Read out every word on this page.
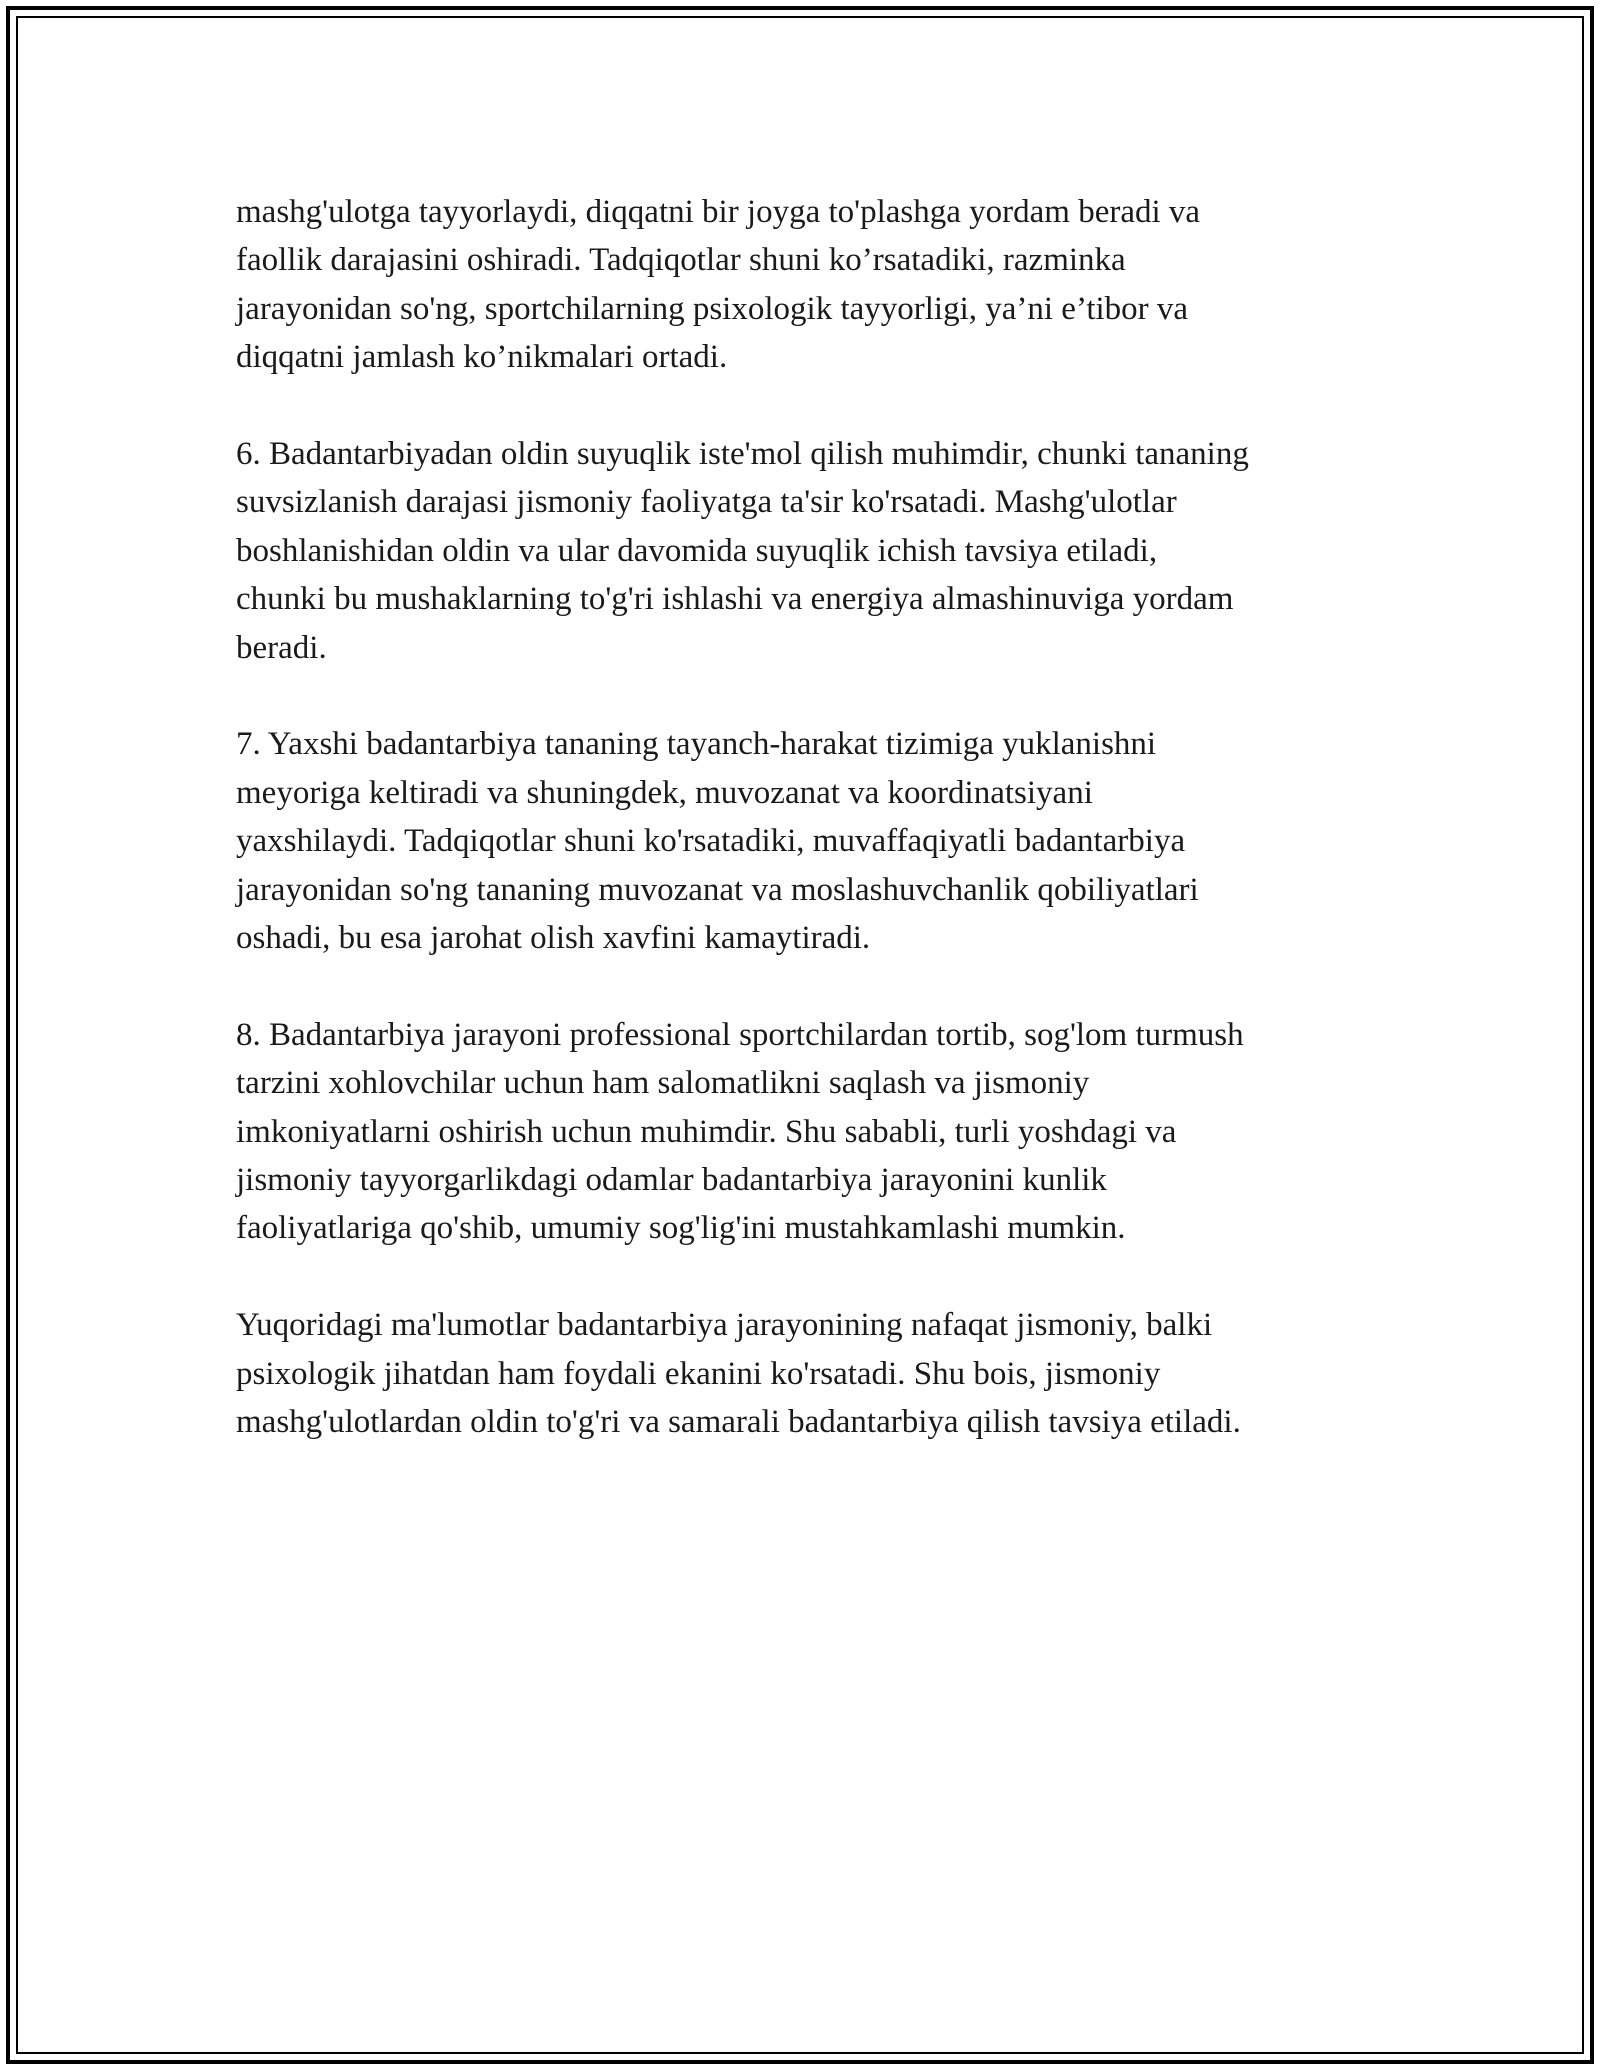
mashg'ulotga tayyorlaydi, diqqatni bir joyga to'plashga yordam beradi va
faollik darajasini oshiradi. Tadqiqotlar shuni ko’rsatadiki, razminka
jarayonidan so'ng, sportchilarning psixologik tayyorligi, ya’ni e’tibor va
diqqatni jamlash ko’nikmalari ortadi.

6. Badantarbiyadan oldin suyuqlik iste'mol qilish muhimdir, chunki tananing
suvsizlanish darajasi jismoniy faoliyatga ta'sir ko'rsatadi. Mashg'ulotlar
boshlanishidan oldin va ular davomida suyuqlik ichish tavsiya etiladi,
chunki bu mushaklarning to'g'ri ishlashi va energiya almashinuviga yordam
beradi.

7. Yaxshi badantarbiya tananing tayanch-harakat tizimiga yuklanishni
meyoriga keltiradi va shuningdek, muvozanat va koordinatsiyani
yaxshilaydi. Tadqiqotlar shuni ko'rsatadiki, muvaffaqiyatli badantarbiya
jarayonidan so'ng tananing muvozanat va moslashuvchanlik qobiliyatlari
oshadi, bu esa jarohat olish xavfini kamaytiradi.

8. Badantarbiya jarayoni professional sportchilardan tortib, sog'lom turmush
tarzini xohlovchilar uchun ham salomatlikni saqlash va jismoniy
imkoniyatlarni oshirish uchun muhimdir. Shu sababli, turli yoshdagi va
jismoniy tayyorgarlikdagi odamlar badantarbiya jarayonini kunlik
faoliyatlariga qo'shib, umumiy sog'lig'ini mustahkamlashi mumkin.

Yuqoridagi ma'lumotlar badantarbiya jarayonining nafaqat jismoniy, balki
psixologik jihatdan ham foydali ekanini ko'rsatadi. Shu bois, jismoniy
mashg'ulotlardan oldin to'g'ri va samarali badantarbiya qilish tavsiya etiladi.
